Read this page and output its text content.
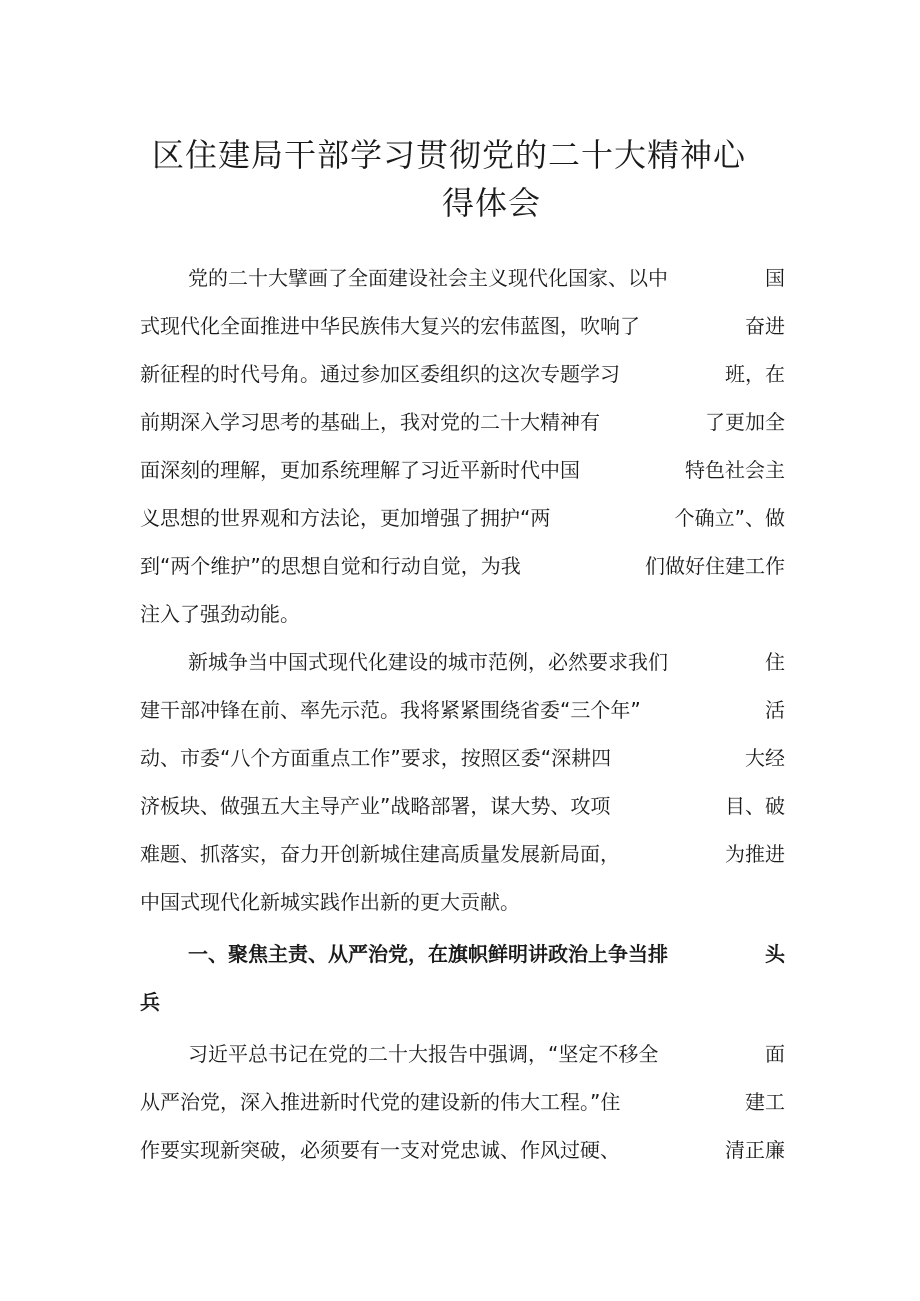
区住建局干部学习贯彻党的二十大精神心
得体会
党的二十大擘画了全面建设社会主义现代化国家、以中	国
式现代化全面推进中华民族伟大复兴的宏伟蓝图，吹响了	奋进
新征程的时代号角。通过参加区委组织的这次专题学习	班，在
前期深入学习思考的基础上，我对党的二十大精神有	了更加全
面深刻的理解，更加系统理解了习近平新时代中国	特色社会主
义思想的世界观和方法论，更加增强了拥护“两	个确立”、做
到“两个维护”的思想自觉和行动自觉，为我	们做好住建工作
注入了强劲动能。
新城争当中国式现代化建设的城市范例，必然要求我们	住
建干部冲锋在前、率先示范。我将紧紧围绕省委“三个年”	活
动、市委“八个方面重点工作”要求，按照区委“深耕四	大经
济板块、做强五大主导产业”战略部署，谋大势、攻项	目、破
难题、抓落实，奋力开创新城住建高质量发展新局面，	为推进
中国式现代化新城实践作出新的更大贡献。
一、聚焦主责、从严治党，在旗帜鲜明讲政治上争当排	头
兵
习近平总书记在党的二十大报告中强调，“坚定不移全	面
从严治党，深入推进新时代党的建设新的伟大工程。”住	建工
作要实现新突破，必须要有一支对党忠诚、作风过硬、	清正廉
